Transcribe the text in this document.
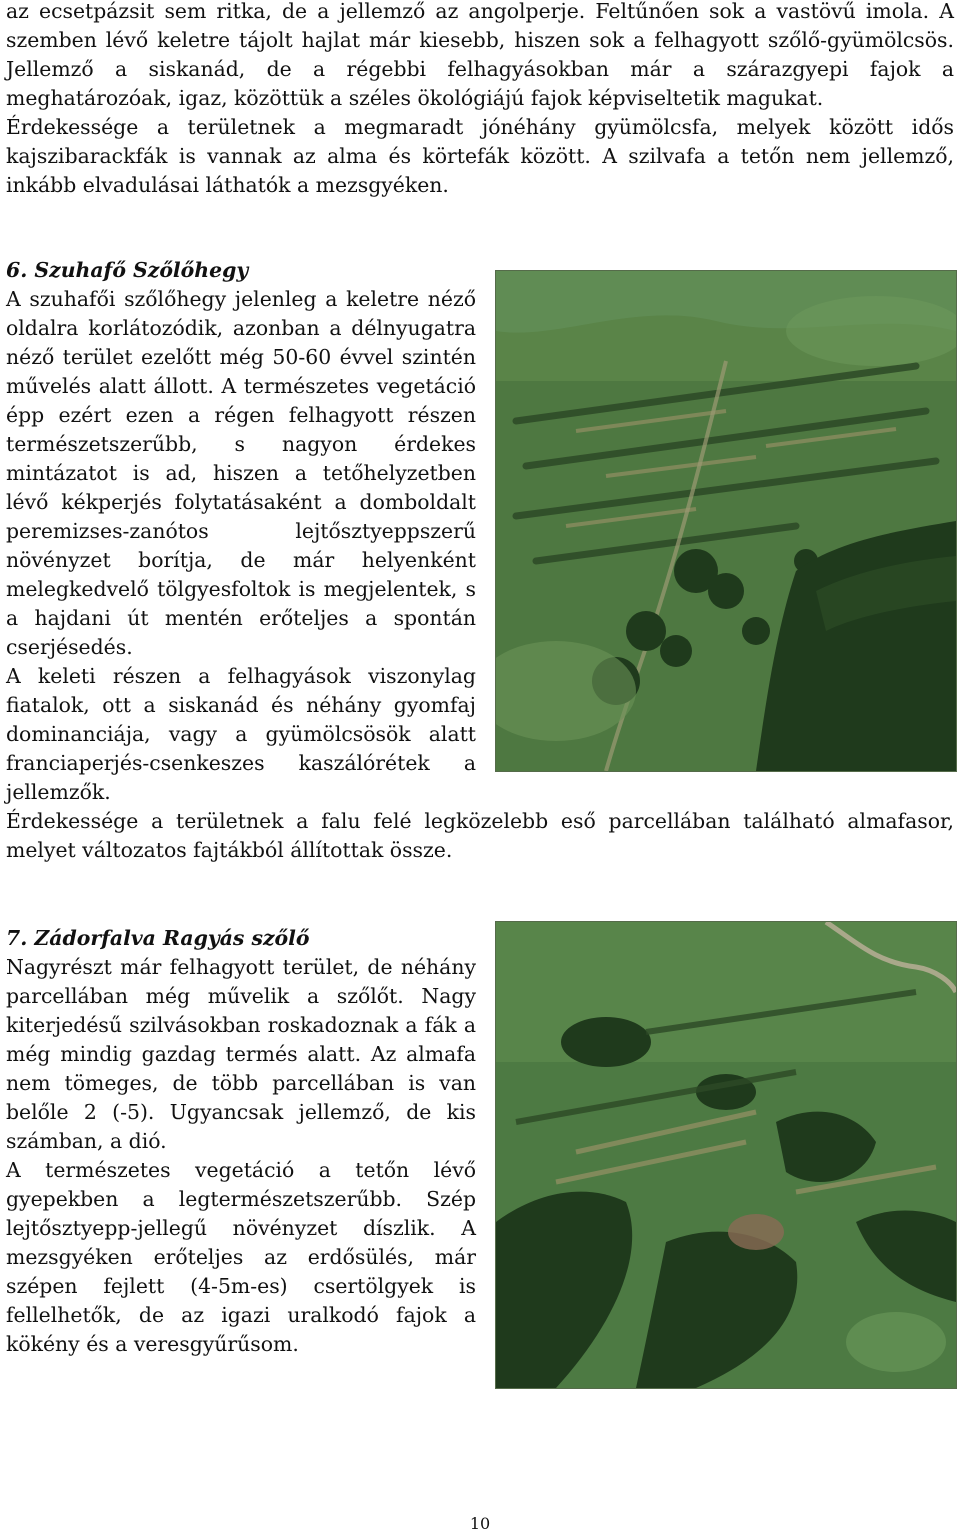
az ecsetpázsit sem ritka, de a jellemző az angolperje. Feltűnően sok a vastövű imola. A szemben lévő keletre tájolt hajlat már kiesebb, hiszen sok a felhagyott szőlő-gyümölcsös. Jellemző a siskanád, de a régebbi felhagyásokban már a szárazgyepi fajok a meghatározóak, igaz, közöttük a széles ökológiájú fajok képviseltetik magukat.

Érdekessége a területnek a megmaradt jónéhány gyümölcsfa, melyek között idős kajszibarackfák is vannak az alma és körtefák között. A szilvafa a tetőn nem jellemző, inkább elvadulásai láthatók a mezsgyéken.

6. Szuhafő Szőlőhegy

A szuhafői szőlőhegy jelenleg a keletre néző oldalra korlátozódik, azonban a délnyugatra néző terület ezelőtt még 50-60 évvel szintén művelés alatt állott. A természetes vegetáció épp ezért ezen a régen felhagyott részen természetszerűbb, s nagyon érdekes mintázatot is ad, hiszen a tetőhelyzetben lévő kékperjés folytatásaként a domboldalt peremizses-zanótos lejtősztyeppszerű növényzet borítja, de már helyenként melegkedvelő tölgyesfoltok is megjelentek, s a hajdani út mentén erőteljes a spontán cserjésedés.

A keleti részen a felhagyások viszonylag fiatalok, ott a siskanád és néhány gyomfaj dominanciája, vagy a gyümölcsösök alatt franciaperjés-csenkeszes kaszálórétek a jellemzők.

Érdekessége a területnek a falu felé legközelebb eső parcellában található almafasor, melyet változatos fajtákból állítottak össze.

7. Zádorfalva Ragyás szőlő

Nagyrészt már felhagyott terület, de néhány parcellában még művelik a szőlőt. Nagy kiterjedésű szilvásokban roskadoznak a fák a még mindig gazdag termés alatt. Az almafa nem tömeges, de több parcellában is van belőle 2 (-5). Ugyancsak jellemző, de kis számban, a dió.

A természetes vegetáció a tetőn lévő gyepekben a legtermészetszerűbb. Szép lejtősztyepp-jellegű növényzet díszlik. A mezsgyéken erőteljes az erdősülés, már szépen fejlett (4-5m-es) csertölgyek is fellelhetők, de az igazi uralkodó fajok a kökény és a veresgyűrűsom.

10
